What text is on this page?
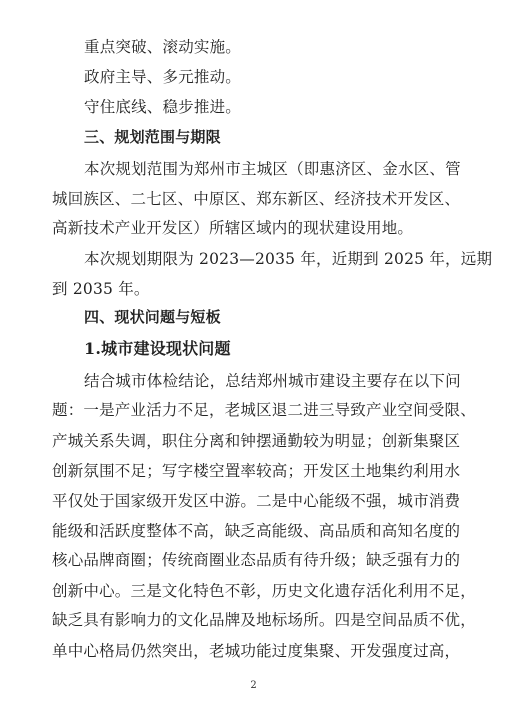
重点突破、滚动实施。
政府主导、多元推动。
守住底线、稳步推进。
三、规划范围与期限
本次规划范围为郑州市主城区（即惠济区、金水区、管
城回族区、二七区、中原区、郑东新区、经济技术开发区、
高新技术产业开发区）所辖区域内的现状建设用地。
本次规划期限为 2023—2035 年，近期到 2025 年，远期
到 2035 年。
四、现状问题与短板
1.城市建设现状问题
结合城市体检结论，总结郑州城市建设主要存在以下问
题：一是产业活力不足，老城区退二进三导致产业空间受限、
产城关系失调，职住分离和钟摆通勤较为明显；创新集聚区
创新氛围不足；写字楼空置率较高；开发区土地集约利用水
平仅处于国家级开发区中游。二是中心能级不强，城市消费
能级和活跃度整体不高，缺乏高能级、高品质和高知名度的
核心品牌商圈；传统商圈业态品质有待升级；缺乏强有力的
创新中心。三是文化特色不彰，历史文化遗存活化利用不足，
缺乏具有影响力的文化品牌及地标场所。四是空间品质不优，
单中心格局仍然突出，老城功能过度集聚、开发强度过高，
2
